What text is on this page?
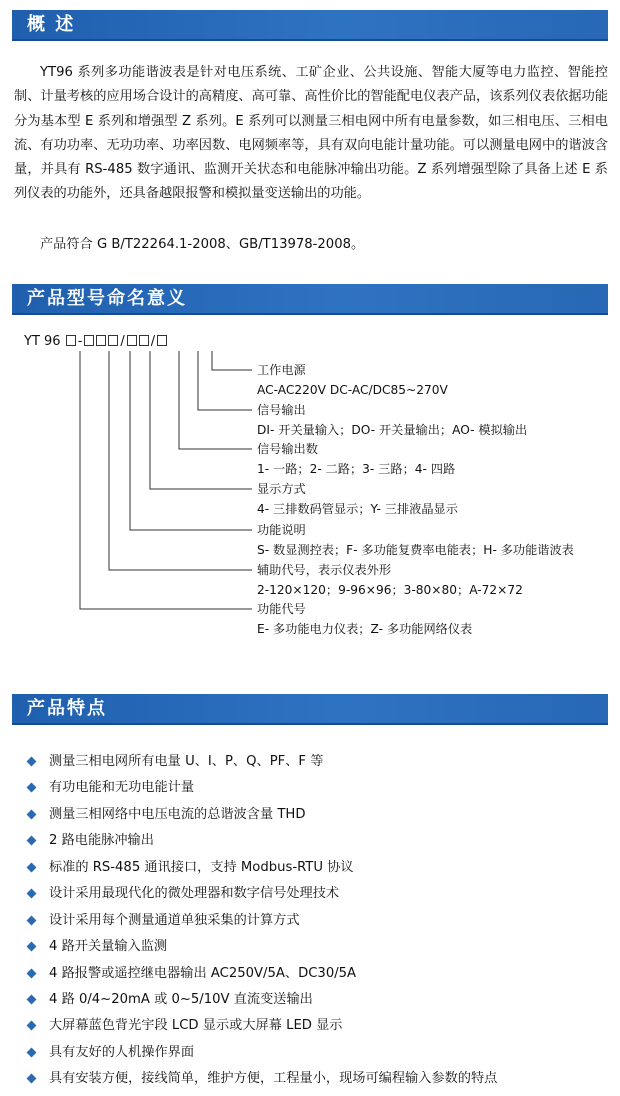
概 述

YT96 系列多功能谐波表是针对电压系统、工矿企业、公共设施、智能大厦等电力监控、智能控制、计量考核的应用场合设计的高精度、高可靠、高性价比的智能配电仪表产品，该系列仪表依据功能分为基本型 E 系列和增强型 Z 系列。E 系列可以测量三相电网中所有电量参数，如三相电压、三相电流、有功功率、无功功率、功率因数、电网频率等，具有双向电能计量功能。可以测量电网中的谐波含量，并具有 RS-485 数字通讯、监测开关状态和电能脉冲输出功能。Z 系列增强型除了具备上述 E 系列仪表的功能外，还具备越限报警和模拟量变送输出的功能。

产品符合 G B/T22264.1-2008、GB/T13978-2008。

产品型号命名意义
YT 96 -	/ /
工作电源
AC-AC220V DC-AC/DC85~270V
信号输出
DI- 开关量输入；DO- 开关量输出；AO- 模拟输出
信号输出数
1- 一路；2- 二路；3- 三路；4- 四路
显示方式
4- 三排数码管显示；Y- 三排液晶显示
功能说明
S- 数显测控表；F- 多功能复费率电能表；H- 多功能谐波表
辅助代号，表示仪表外形
2-120×120；9-96×96；3-80×80；A-72×72
功能代号
E- 多功能电力仪表；Z- 多功能网络仪表
产品特点
测量三相电网所有电量 U、I、P、Q、PF、F 等
有功电能和无功电能计量
测量三相网络中电压电流的总谐波含量 THD
2 路电能脉冲输出
标准的 RS-485 通讯接口，支持 Modbus-RTU 协议
设计采用最现代化的微处理器和数字信号处理技术
设计采用每个测量通道单独采集的计算方式
4 路开关量输入监测
4 路报警或遥控继电器输出 AC250V/5A、DC30/5A
4 路 0/4~20mA 或 0~5/10V 直流变送输出
大屏幕蓝色背光宇段 LCD 显示或大屏幕 LED 显示
具有友好的人机操作界面
具有安装方便，接线简单，维护方便，工程量小，现场可编程输入参数的特点
